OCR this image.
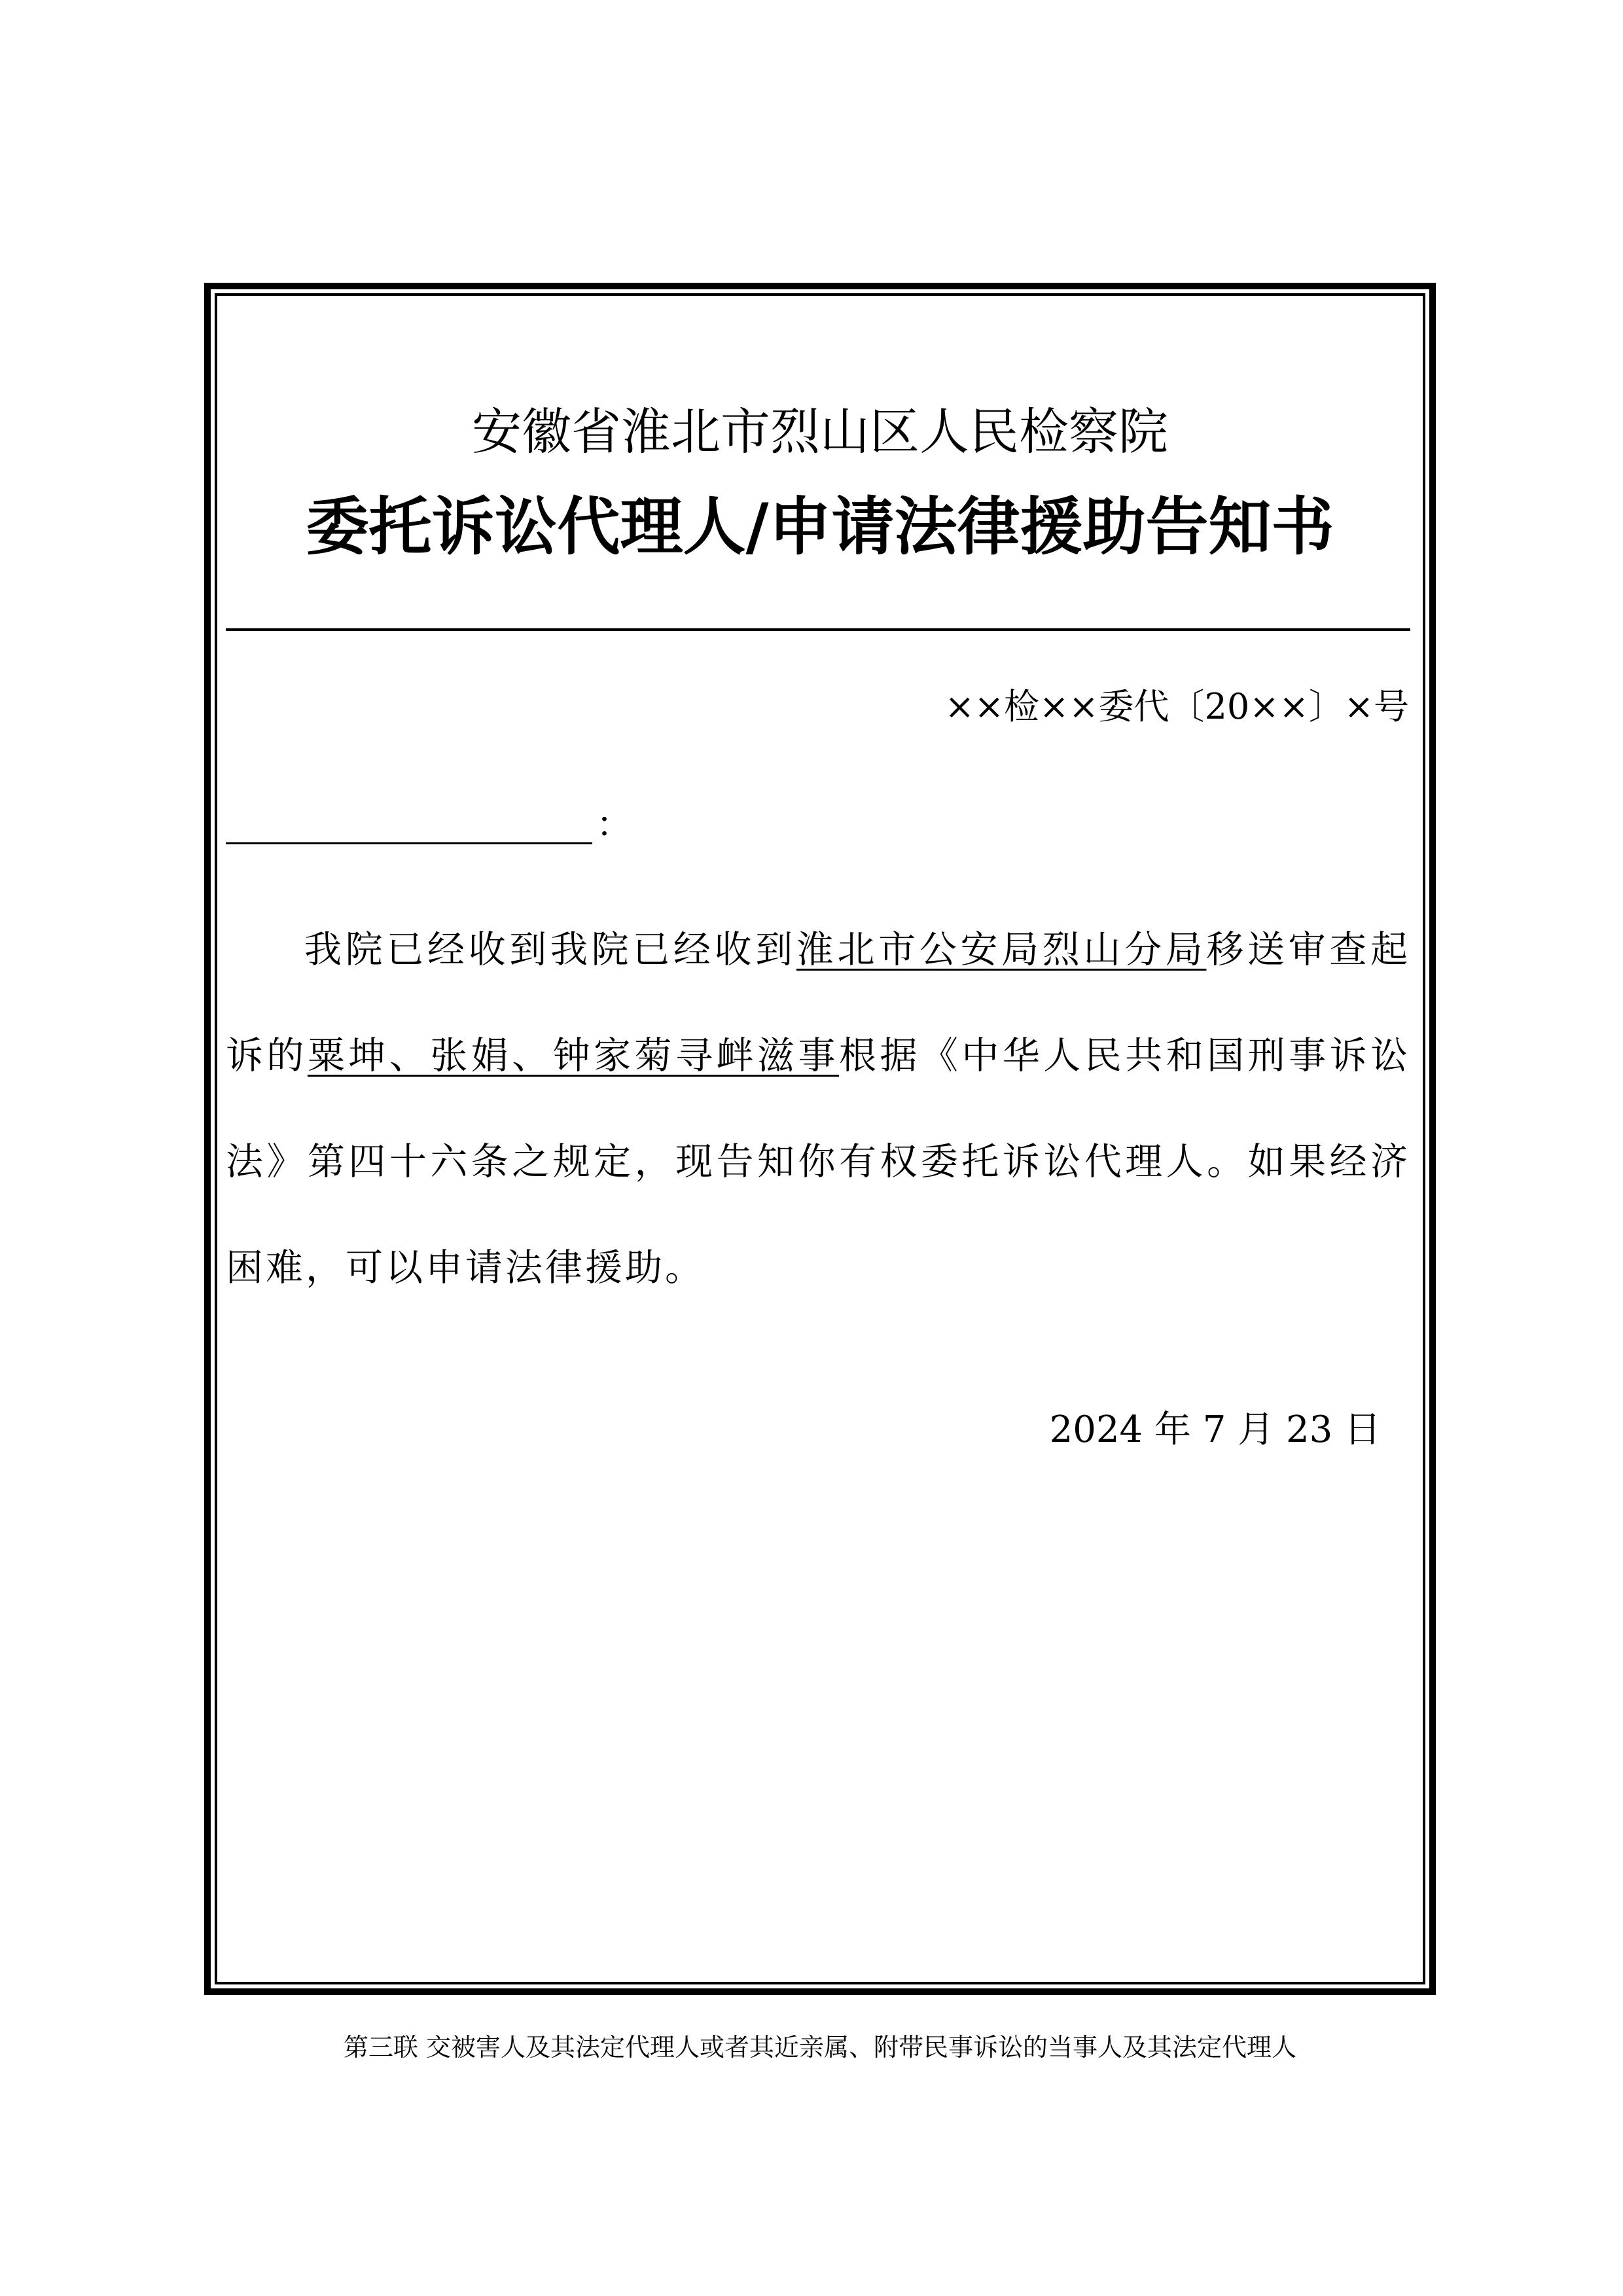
安徽省淮北市烈山区人民检察院
委托诉讼代理人/申请法律援助告知书
××检××委代〔20××〕×号
：

我院已经收到我院已经收到淮北市公安局烈山分局移送审查起诉的粟坤、张娟、钟家菊寻衅滋事根据《中华人民共和国刑事诉讼法》第四十六条之规定，现告知你有权委托诉讼代理人。如果经济困难，可以申请法律援助。

2024 年 7 月 23 日
第三联 交被害人及其法定代理人或者其近亲属、附带民事诉讼的当事人及其法定代理人
